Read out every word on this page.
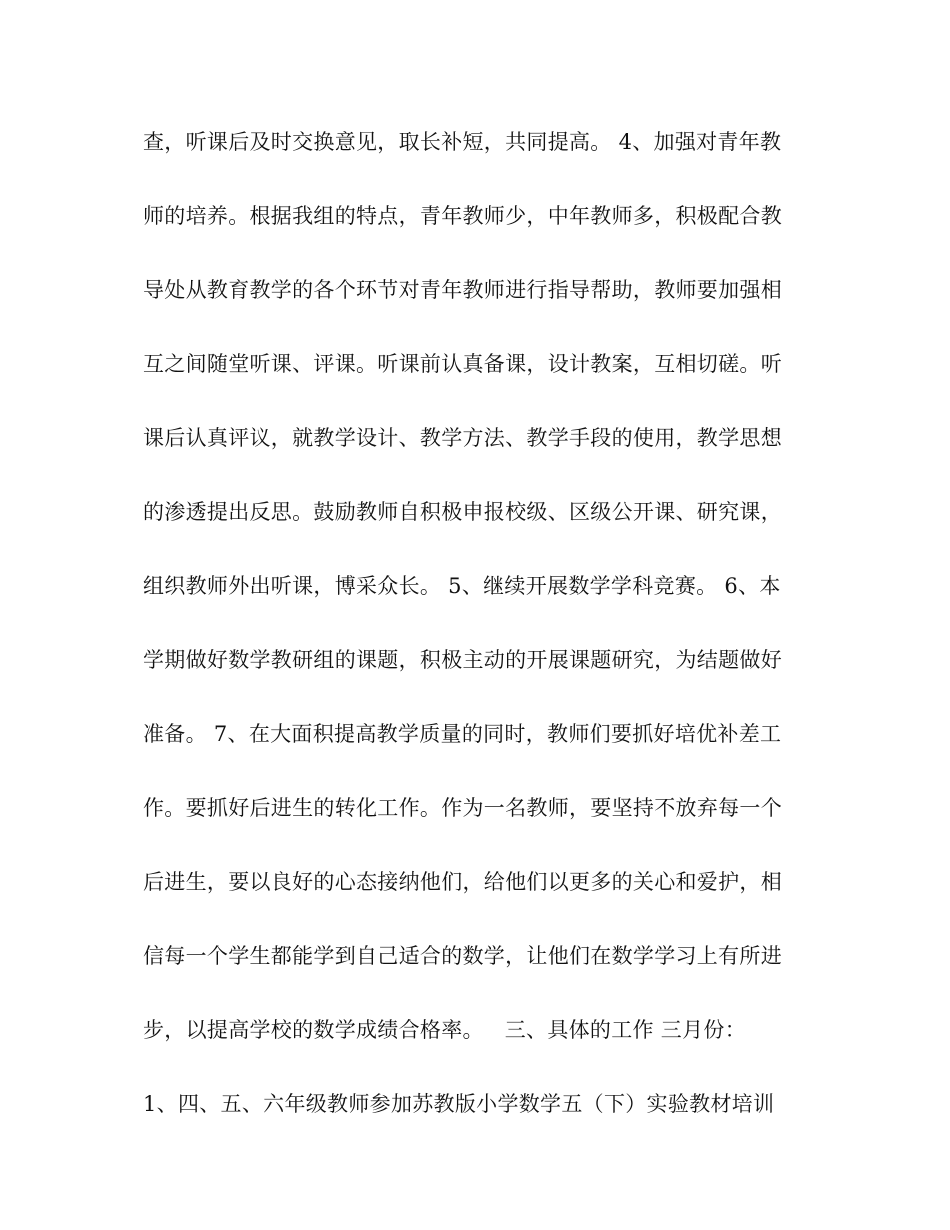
查，听课后及时交换意见，取长补短，共同提高。 4、加强对青年教
师的培养。根据我组的特点，青年教师少，中年教师多，积极配合教
导处从教育教学的各个环节对青年教师进行指导帮助，教师要加强相
互之间随堂听课、评课。听课前认真备课，设计教案，互相切磋。听
课后认真评议，就教学设计、教学方法、教学手段的使用，教学思想
的渗透提出反思。鼓励教师自积极申报校级、区级公开课、研究课，
组织教师外出听课，博采众长。 5、继续开展数学学科竞赛。 6、本
学期做好数学教研组的课题，积极主动的开展课题研究，为结题做好
准备。 7、在大面积提高教学质量的同时，教师们要抓好培优补差工
作。要抓好后进生的转化工作。作为一名教师，要坚持不放弃每一个
后进生，要以良好的心态接纳他们，给他们以更多的关心和爱护，相
信每一个学生都能学到自己适合的数学，让他们在数学学习上有所进
步，以提高学校的数学成绩合格率。   三、具体的工作 三月份：
1、四、五、六年级教师参加苏教版小学数学五（下）实验教材培训
